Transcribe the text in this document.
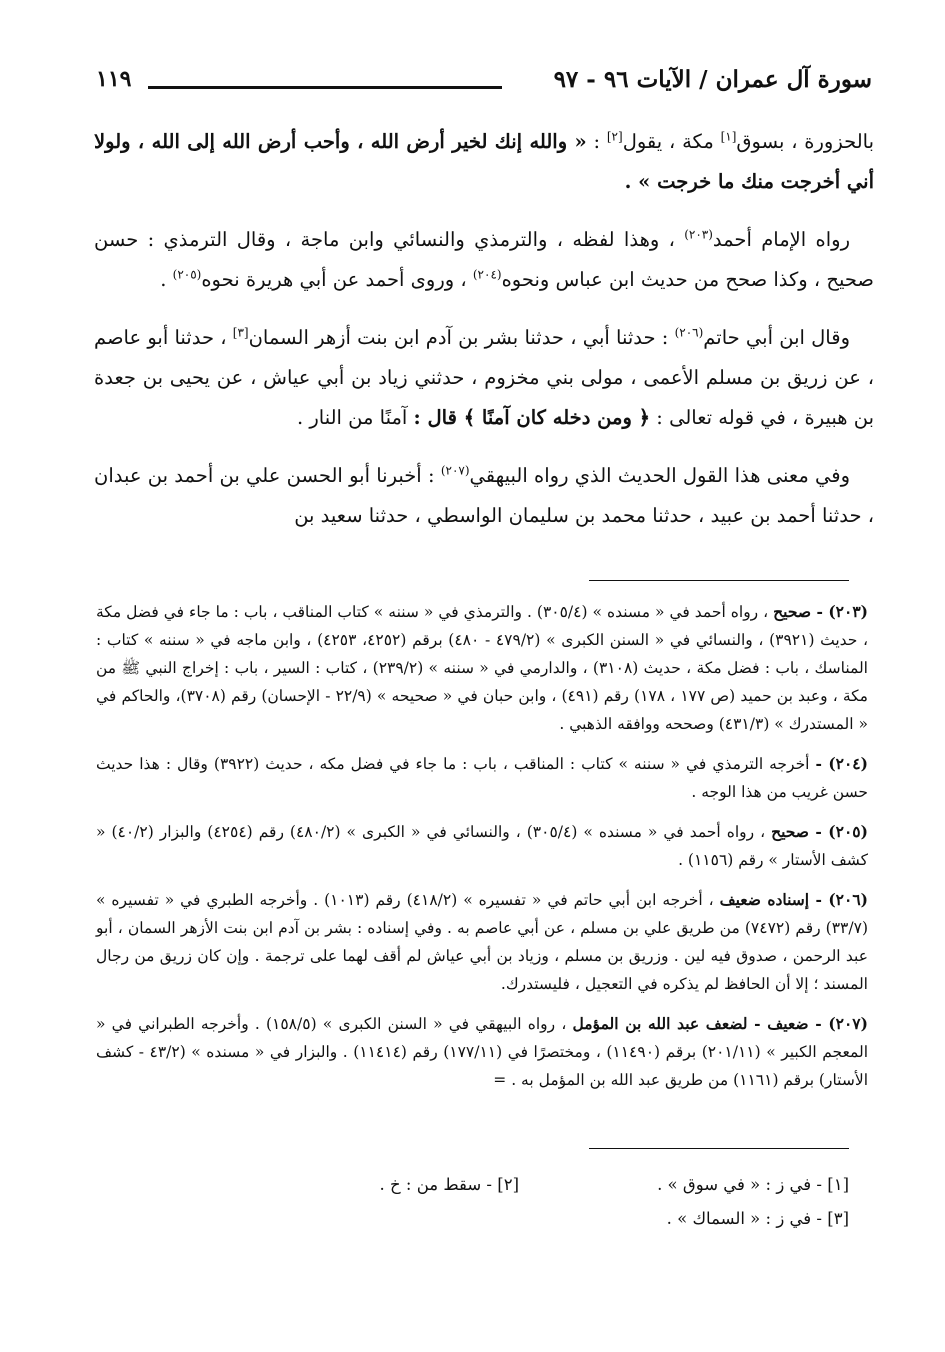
سورة آل عمران / الآيات ٩٦ - ٩٧
١١٩

بالحزورة ، بسوق[١] مكة ، يقول[٢] : « والله إنك لخير أرض الله ، وأحب أرض الله إلى الله ، ولولا أني أخرجت منك ما خرجت » .

رواه الإمام أحمد$^{(٢٠٣)}$ ، وهذا لفظه ، والترمذي والنسائي وابن ماجة ، وقال الترمذي : حسن صحيح ، وكذا صحح من حديث ابن عباس ونحوه$^{(٢٠٤)}$ ، وروى أحمد عن أبي هريرة نحوه$^{(٢٠٥)}$ .

وقال ابن أبي حاتم$^{(٢٠٦)}$ : حدثنا أبي ، حدثنا بشر بن آدم ابن بنت أزهر السمان[٣] ، حدثنا أبو عاصم ، عن زريق بن مسلم الأعمى ، مولى بني مخزوم ، حدثني زياد بن أبي عياش ، عن يحيى بن جعدة بن هبيرة ، في قوله تعالى : ﴿ ومن دخله كان آمنًا ﴾ قال : آمنًا من النار .

وفي معنى هذا القول الحديث الذي رواه البيهقي$^{(٢٠٧)}$ : أخبرنا أبو الحسن علي بن أحمد بن عبدان ، حدثنا أحمد بن عبيد ، حدثنا محمد بن سليمان الواسطي ، حدثنا سعيد بن

(٢٠٣) - صحيح ، رواه أحمد في « مسنده » (٣٠٥/٤) . والترمذي في « سننه » كتاب المناقب ، باب : ما جاء في فضل مكة ، حديث (٣٩٢١) ، والنسائي في « السنن الكبرى » (٤٧٩/٢ - ٤٨٠) برقم (٤٢٥٢، ٤٢٥٣) ، وابن ماجه في « سننه » كتاب : المناسك ، باب : فضل مكة ، حديث (٣١٠٨) ، والدارمي في « سننه » (٢٣٩/٢) ، كتاب : السير ، باب : إخراج النبي ﷺ من مكة ، وعبد بن حميد (ص ١٧٧ ، ١٧٨) رقم (٤٩١) ، وابن حبان في « صحيحه » (٢٢/٩ - الإحسان) رقم (٣٧٠٨)، والحاكم في « المستدرك » (٤٣١/٣) وصححه ووافقه الذهبي .
(٢٠٤) - أخرجه الترمذي في « سننه » كتاب : المناقب ، باب : ما جاء في فضل مكه ، حديث (٣٩٢٢) وقال : هذا حديث حسن غريب من هذا الوجه .
(٢٠٥) - صحيح ، رواه أحمد في « مسنده » (٣٠٥/٤) ، والنسائي في « الكبرى » (٤٨٠/٢) رقم (٤٢٥٤) والبزار (٤٠/٢) « كشف الأستار » رقم (١١٥٦) .
(٢٠٦) - إسناده ضعيف ، أخرجه ابن أبي حاتم في « تفسيره » (٤١٨/٢) رقم (١٠١٣) . وأخرجه الطبري في « تفسيره » (٣٣/٧) رقم (٧٤٧٢) من طريق علي بن مسلم ، عن أبي عاصم به . وفي إسناده : بشر بن آدم ابن بنت الأزهر السمان ، أبو عبد الرحمن ، صدوق فيه لين . وزريق بن مسلم ، وزياد بن أبي عياش لم أقف لهما على ترجمة . وإن كان زريق من رجال المسند ؛ إلا أن الحافظ لم يذكره في التعجيل ، فليستدرك.
(٢٠٧) - ضعيف - لضعف عبد الله بن المؤمل ، رواه البيهقي في « السنن الكبرى » (١٥٨/٥) . وأخرجه الطبراني في « المعجم الكبير » (٢٠١/١١) برقم (١١٤٩٠) ، ومختصرًا في (١٧٧/١١) رقم (١١٤١٤) . والبزار في « مسنده » (٤٣/٢ - كشف الأستار) برقم (١١٦١) من طريق عبد الله بن المؤمل به . =
[١] - في ز : « في سوق » .
[٢] - سقط من : خ .
[٣] - في ز : « السماك » .
